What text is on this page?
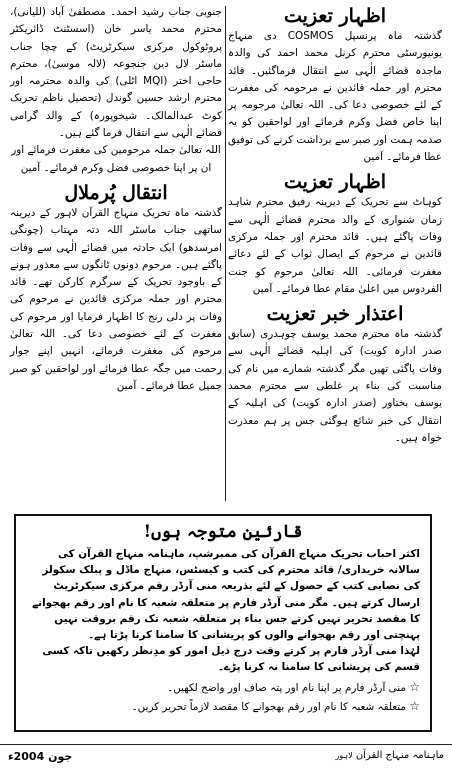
اظہار تعزیت

گذشتہ ماہ پرنسپل COSMOS دی منہاج یونیورسٹی محترم کرنل محمد احمد کی والدہ ماجدہ قضائے الٰہی سے انتقال فرماگئیں۔ قائد محترم اور جملہ قائدین نے مرحومہ کی مغفرت کے لئے خصوصی دعا کی۔ اللہ تعالیٰ مرحومہ پر اپنا خاص فضل وکرم فرمائے اور لواحقین کو یہ صدمہ ہمت اور صبر سے برداشت کرنے کی توفیق عطا فرمائے۔ آمین

اظہار تعزیت

کوہاٹ سے تحریک کے دیرینہ رفیق محترم شاہد زمان شنواری کے والد محترم قضائے الٰہی سے وفات پاگئے ہیں۔ قائد محترم اور جملہ مرکزی قائدین نے مرحوم کے ایصال ثواب کے لئے دعائے مغفرت فرمائی۔ اللہ تعالیٰ مرحوم کو جنت الفردوس میں اعلیٰ مقام عطا فرمائے۔ آمین

اعتذار خبر تعزیت

گذشتہ ماہ محترم محمد یوسف چوہدری (سابق صدر ادارہ کویت) کی اہلیہ قضائے الٰہی سے وفات پاگئی تھیں مگر گذشتہ شمارے میں نام کی مناسبت کی بناء پر غلطی سے محترم محمد یوسف بختاور (صدر ادارہ کویت) کی اہلیہ کے انتقال کی خبر شائع ہوگئی جس پر ہم معذرت خواہ ہیں۔

جنوبی جناب رشید احمد۔ مصطفیٰ آباد (للیانی)، محترم محمد یاسر خان (اسسٹنٹ ڈائریکٹر پروٹوکول مرکزی سیکرٹریٹ) کے چچا جناب ماسٹر لال دین جنجوعہ (لالہ موسیٰ)، محترم حاجی اختر (MQI اٹلی) کی والدہ محترمہ اور محترم ارشد حسین گوندل (تحصیل ناظم تحریک کوٹ عبدالمالک۔ شیخوپورہ) کے والد گرامی قضائے الٰہی سے انتقال فرما گئے ہیں۔

اللہ تعالیٰ جملہ مرحومین کی مغفرت فرمائے اور ان پر اپنا خصوصی فضل وکرم فرمائے۔ آمین

انتقال پُرملال

گذشتہ ماہ تحریک منہاج القرآن لاہور کے دیرینہ ساتھی جناب ماسٹر اللہ دتہ مہتاب (چونگی امرسدھو) ایک حادثہ میں قضائے الٰہی سے وفات پاگئے ہیں۔ مرحوم دونوں ٹانگوں سے معذور ہونے کے باوجود تحریک کے سرگرم کارکن تھے۔ قائد محترم اور جملہ مرکزی قائدین نے مرحوم کی وفات پر دلی رنج کا اظہار فرمایا اور مرحوم کی مغفرت کے لئے خصوصی دعا کی۔ اللہ تعالیٰ مرحوم کی مغفرت فرمائے، انہیں اپنے جوار رحمت میں جگہ عطا فرمائے اور لواحقین کو صبر جمیل عطا فرمائے۔ آمین

قارئین متوجہ ہوں!

اکثر احباب تحریک منہاج القرآن کی ممبرشپ، ماہنامہ منہاج القرآن کی سالانہ خریداری/ قائد محترم کی کتب و کیسٹس، منہاج ماڈل و پبلک سکولز کی نصابی کتب کے حصول کے لئے بذریعہ منی آرڈر رقم مرکزی سیکرٹریٹ ارسال کرتے ہیں۔ مگر منی آرڈر فارم پر متعلقہ شعبہ کا نام اور رقم بھجوانے کا مقصد تحریر نہیں کرتے جس بناء پر متعلقہ شعبہ تک رقم بروقت نہیں پہنچتی اور رقم بھجوانے والوں کو پریشانی کا سامنا کرنا پڑتا ہے۔

لہٰذا منی آرڈر فارم پر کرتے وقت درج ذیل امور کو مدِنظر رکھیں تاکہ کسی قسم کی پریشانی کا سامنا نہ کرنا پڑے۔

☆منی آرڈر فارم پر اپنا نام اور پتہ صاف اور واضح لکھیں۔
☆متعلقہ شعبہ کا نام اور رقم بھجوانے کا مقصد لازماً تحریر کریں۔
جون 2004ء	ماہنامہ منہاج القرآن لاہور
